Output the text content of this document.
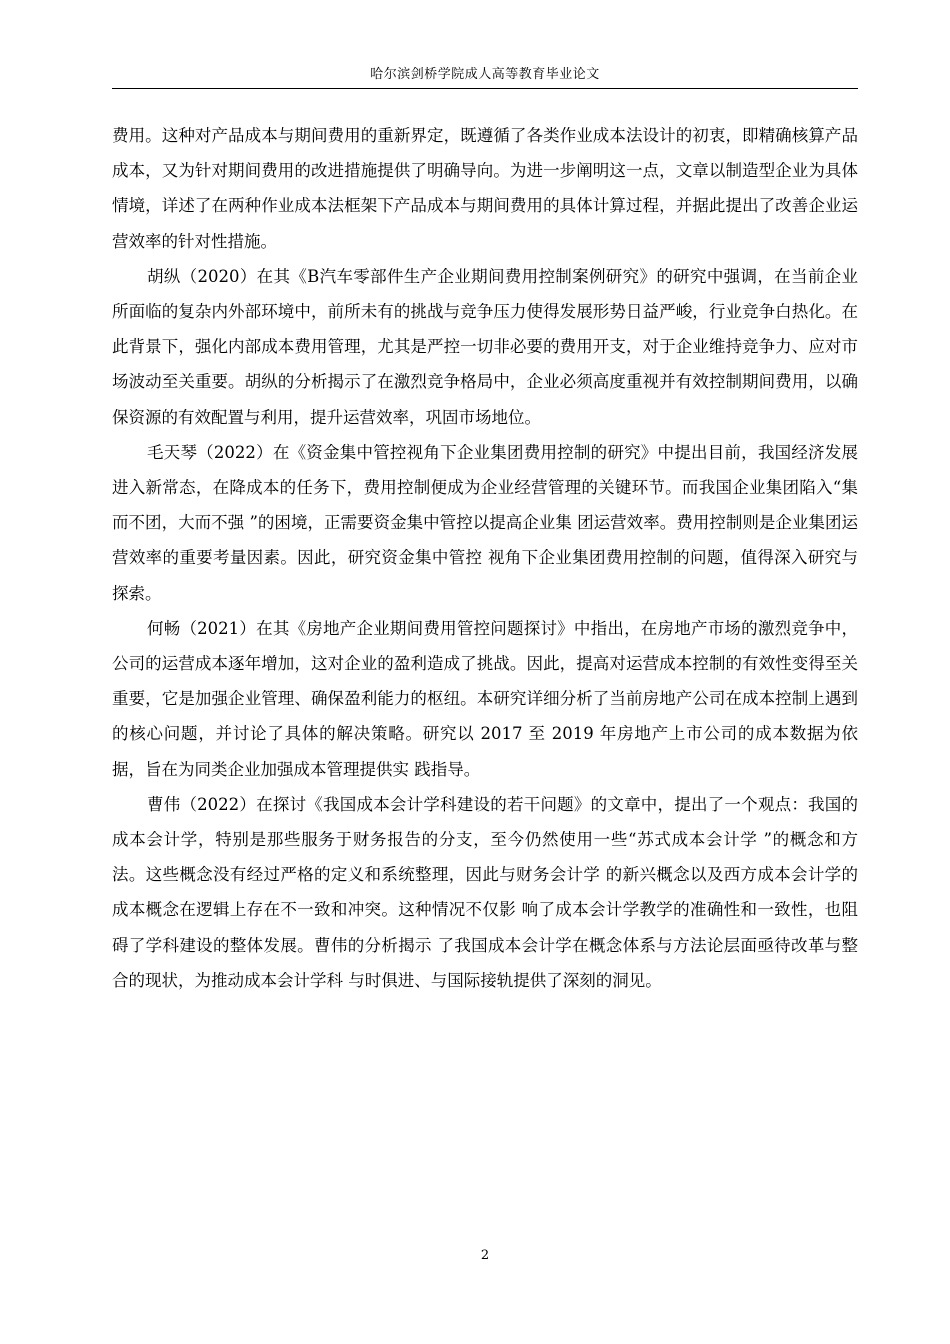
哈尔滨剑桥学院成人高等教育毕业论文

费用。这种对产品成本与期间费用的重新界定，既遵循了各类作业成本法设计的初衷，即精确核算产品成本，又为针对期间费用的改进措施提供了明确导向。为进一步阐明这一点，文章以制造型企业为具体情境，详述了在两种作业成本法框架下产品成本与期间费用的具体计算过程，并据此提出了改善企业运营效率的针对性措施。

胡纵（2020）在其《B汽车零部件生产企业期间费用控制案例研究》的研究中强调，在当前企业所面临的复杂内外部环境中，前所未有的挑战与竞争压力使得发展形势日益严峻，行业竞争白热化。在此背景下，强化内部成本费用管理，尤其是严控一切非必要的费用开支，对于企业维持竞争力、应对市场波动至关重要。胡纵的分析揭示了在激烈竞争格局中，企业必须高度重视并有效控制期间费用，以确保资源的有效配置与利用，提升运营效率，巩固市场地位。

毛天琴（2022）在《资金集中管控视角下企业集团费用控制的研究》中提出目前，我国经济发展进入新常态，在降成本的任务下，费用控制便成为企业经营管理的关键环节。而我国企业集团陷入“集而不团，大而不强 ”的困境，正需要资金集中管控以提高企业集 团运营效率。费用控制则是企业集团运营效率的重要考量因素。因此，研究资金集中管控 视角下企业集团费用控制的问题，值得深入研究与探索。

何畅（2021）在其《房地产企业期间费用管控问题探讨》中指出，在房地产市场的激烈竞争中，公司的运营成本逐年增加，这对企业的盈利造成了挑战。因此，提高对运营成本控制的有效性变得至关重要，它是加强企业管理、确保盈利能力的枢纽。本研究详细分析了当前房地产公司在成本控制上遇到的核心问题，并讨论了具体的解决策略。研究以 2017 至 2019 年房地产上市公司的成本数据为依据，旨在为同类企业加强成本管理提供实 践指导。

曹伟（2022）在探讨《我国成本会计学科建设的若干问题》的文章中，提出了一个观点：我国的成本会计学，特别是那些服务于财务报告的分支，至今仍然使用一些“苏式成本会计学 ”的概念和方法。这些概念没有经过严格的定义和系统整理，因此与财务会计学 的新兴概念以及西方成本会计学的成本概念在逻辑上存在不一致和冲突。这种情况不仅影 响了成本会计学教学的准确性和一致性，也阻碍了学科建设的整体发展。曹伟的分析揭示 了我国成本会计学在概念体系与方法论层面亟待改革与整合的现状，为推动成本会计学科 与时俱进、与国际接轨提供了深刻的洞见。

2
